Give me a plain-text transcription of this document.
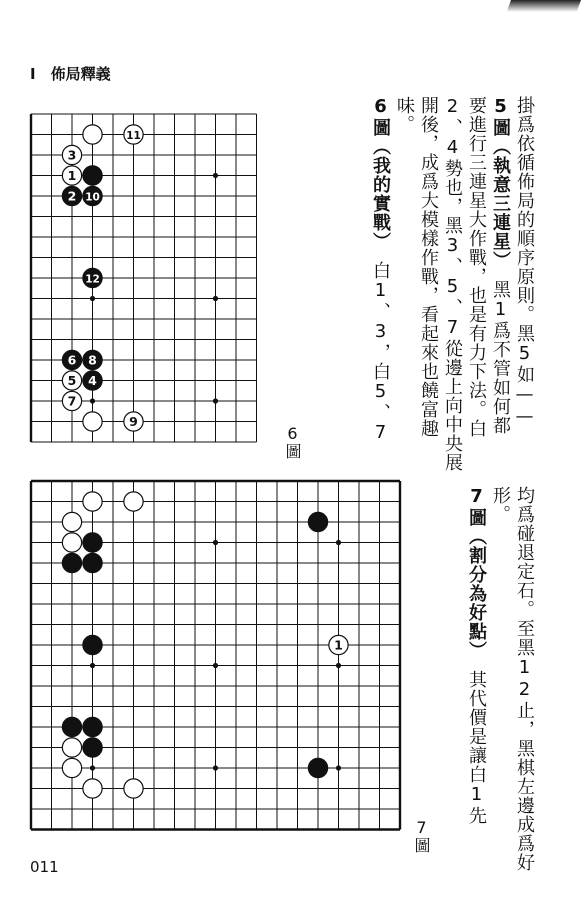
I　佈局釋義
11
3
1
2 10
12
6 8
5 4
7
9
1
掛爲依循佈局的順序原則。黑5如——
5圖（執意三連星）　黑1爲不管如何都
要進行三連星大作戰，也是有力下法。白
2、4勢也，黑3、5、7從邊上向中央展
開後，成爲大模樣作戰，看起來也饒富趣
味。
6圖（我的實戰）　白1、3，白5、7
均爲碰退定石。至黑12止，黑棋左邊成爲好
形。
7圖（割分為好點）　其代價是讓白1先
6圖
7圖
011
